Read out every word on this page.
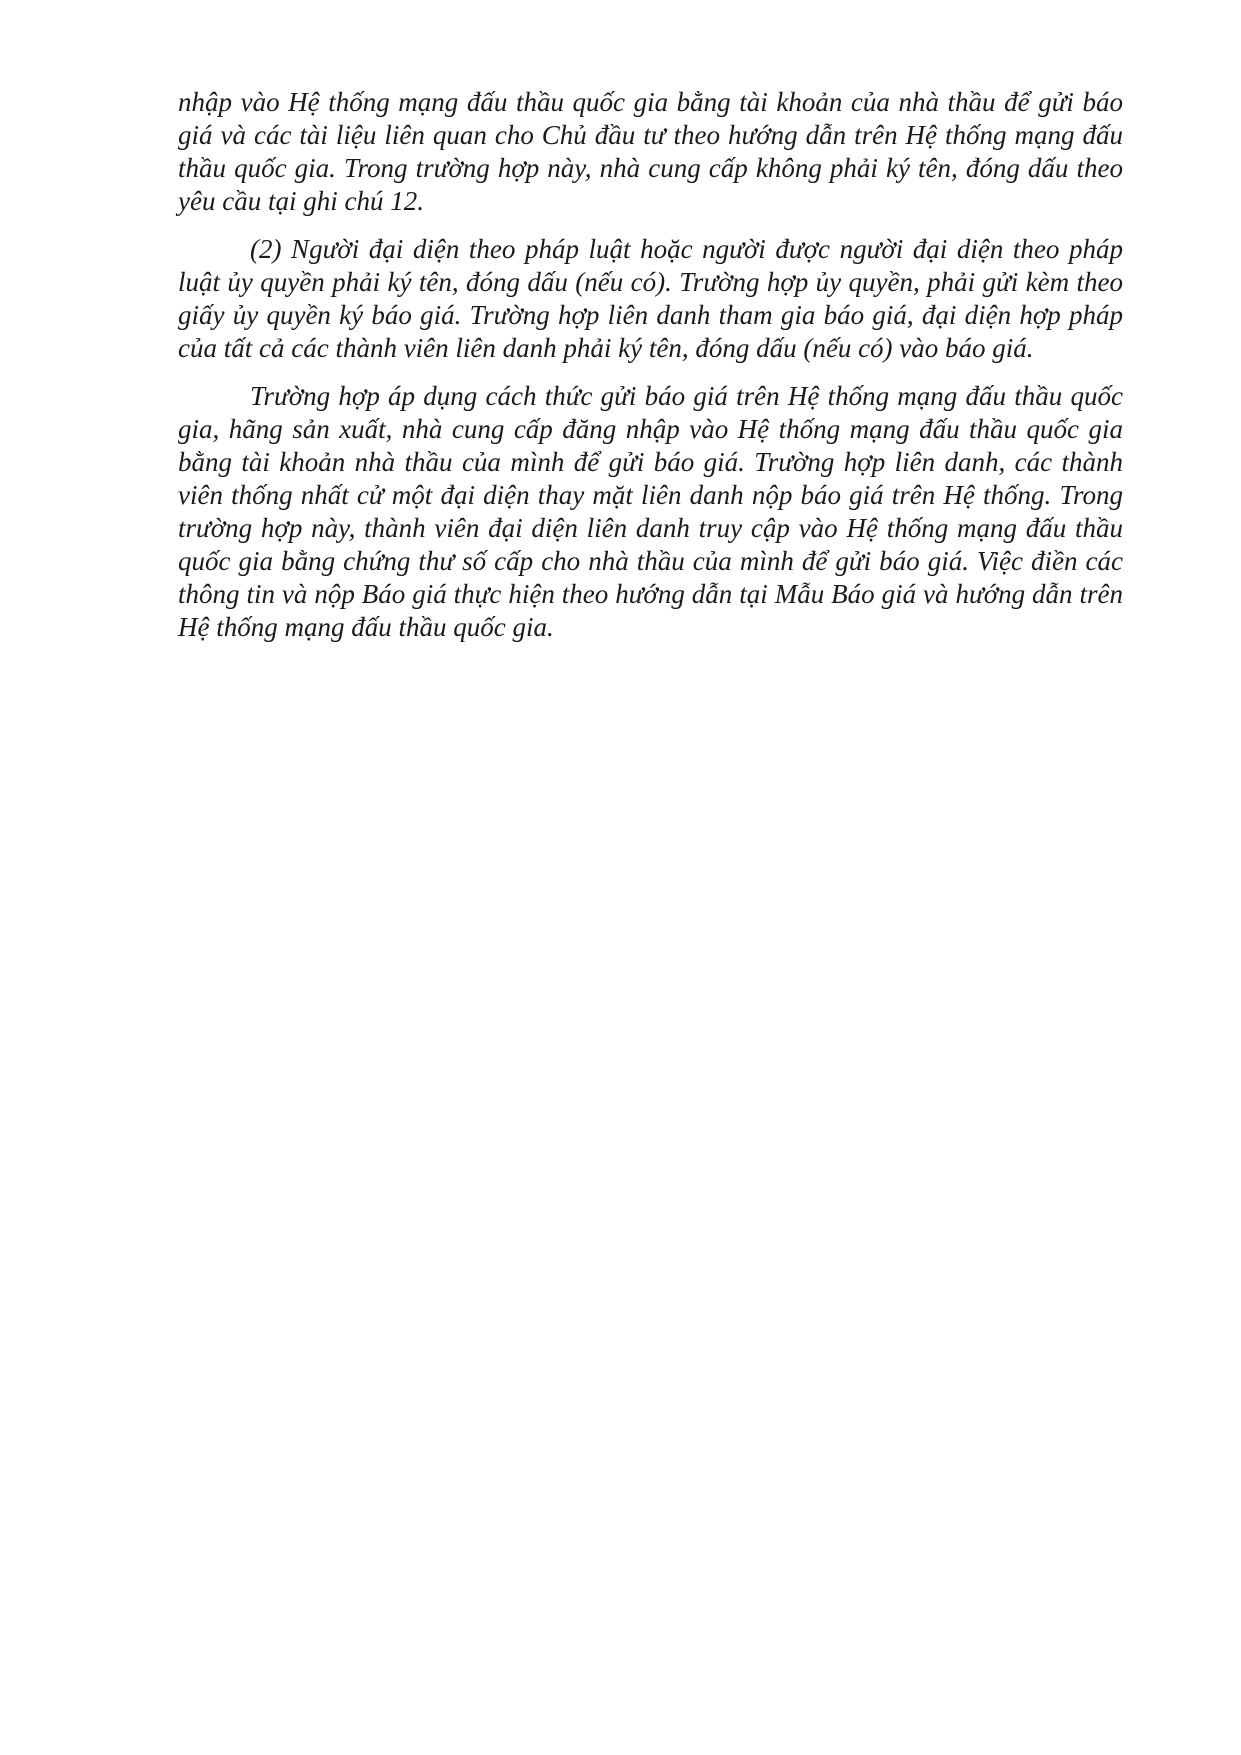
nhập vào Hệ thống mạng đấu thầu quốc gia bằng tài khoản của nhà thầu để gửi báo giá và các tài liệu liên quan cho Chủ đầu tư theo hướng dẫn trên Hệ thống mạng đấu thầu quốc gia. Trong trường hợp này, nhà cung cấp không phải ký tên, đóng dấu theo yêu cầu tại ghi chú 12.

(2) Người đại diện theo pháp luật hoặc người được người đại diện theo pháp luật ủy quyền phải ký tên, đóng dấu (nếu có). Trường hợp ủy quyền, phải gửi kèm theo giấy ủy quyền ký báo giá. Trường hợp liên danh tham gia báo giá, đại diện hợp pháp của tất cả các thành viên liên danh phải ký tên, đóng dấu (nếu có) vào báo giá.

Trường hợp áp dụng cách thức gửi báo giá trên Hệ thống mạng đấu thầu quốc gia, hãng sản xuất, nhà cung cấp đăng nhập vào Hệ thống mạng đấu thầu quốc gia bằng tài khoản nhà thầu của mình để gửi báo giá. Trường hợp liên danh, các thành viên thống nhất cử một đại diện thay mặt liên danh nộp báo giá trên Hệ thống. Trong trường hợp này, thành viên đại diện liên danh truy cập vào Hệ thống mạng đấu thầu quốc gia bằng chứng thư số cấp cho nhà thầu của mình để gửi báo giá. Việc điền các thông tin và nộp Báo giá thực hiện theo hướng dẫn tại Mẫu Báo giá và hướng dẫn trên Hệ thống mạng đấu thầu quốc gia.
